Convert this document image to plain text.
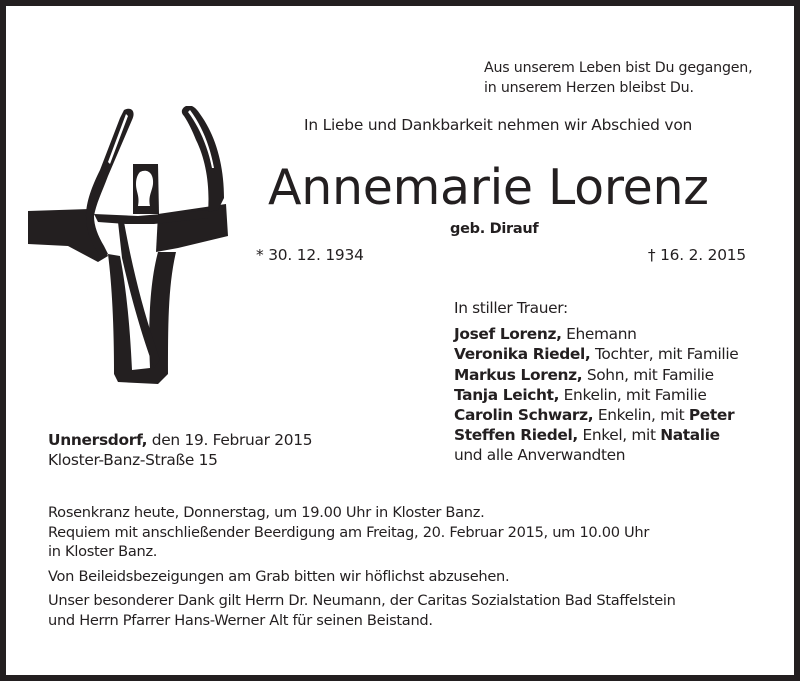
Aus unserem Leben bist Du gegangen,
in unserem Herzen bleibst Du.
In Liebe und Dankbarkeit nehmen wir Abschied von
Annemarie Lorenz
geb. Dirauf
* 30. 12. 1934	† 16. 2. 2015
In stiller Trauer:
Josef Lorenz, Ehemann
Veronika Riedel, Tochter, mit Familie
Markus Lorenz, Sohn, mit Familie
Tanja Leicht, Enkelin, mit Familie
Carolin Schwarz, Enkelin, mit Peter
Steffen Riedel, Enkel, mit Natalie
und alle Anverwandten
Unnersdorf, den 19. Februar 2015
Kloster-Banz-Straße 15
Rosenkranz heute, Donnerstag, um 19.00 Uhr in Kloster Banz.
Requiem mit anschließender Beerdigung am Freitag, 20. Februar 2015, um 10.00 Uhr
in Kloster Banz.
Von Beileidsbezeigungen am Grab bitten wir höflichst abzusehen.
Unser besonderer Dank gilt Herrn Dr. Neumann, der Caritas Sozialstation Bad Staffelstein
und Herrn Pfarrer Hans-Werner Alt für seinen Beistand.
